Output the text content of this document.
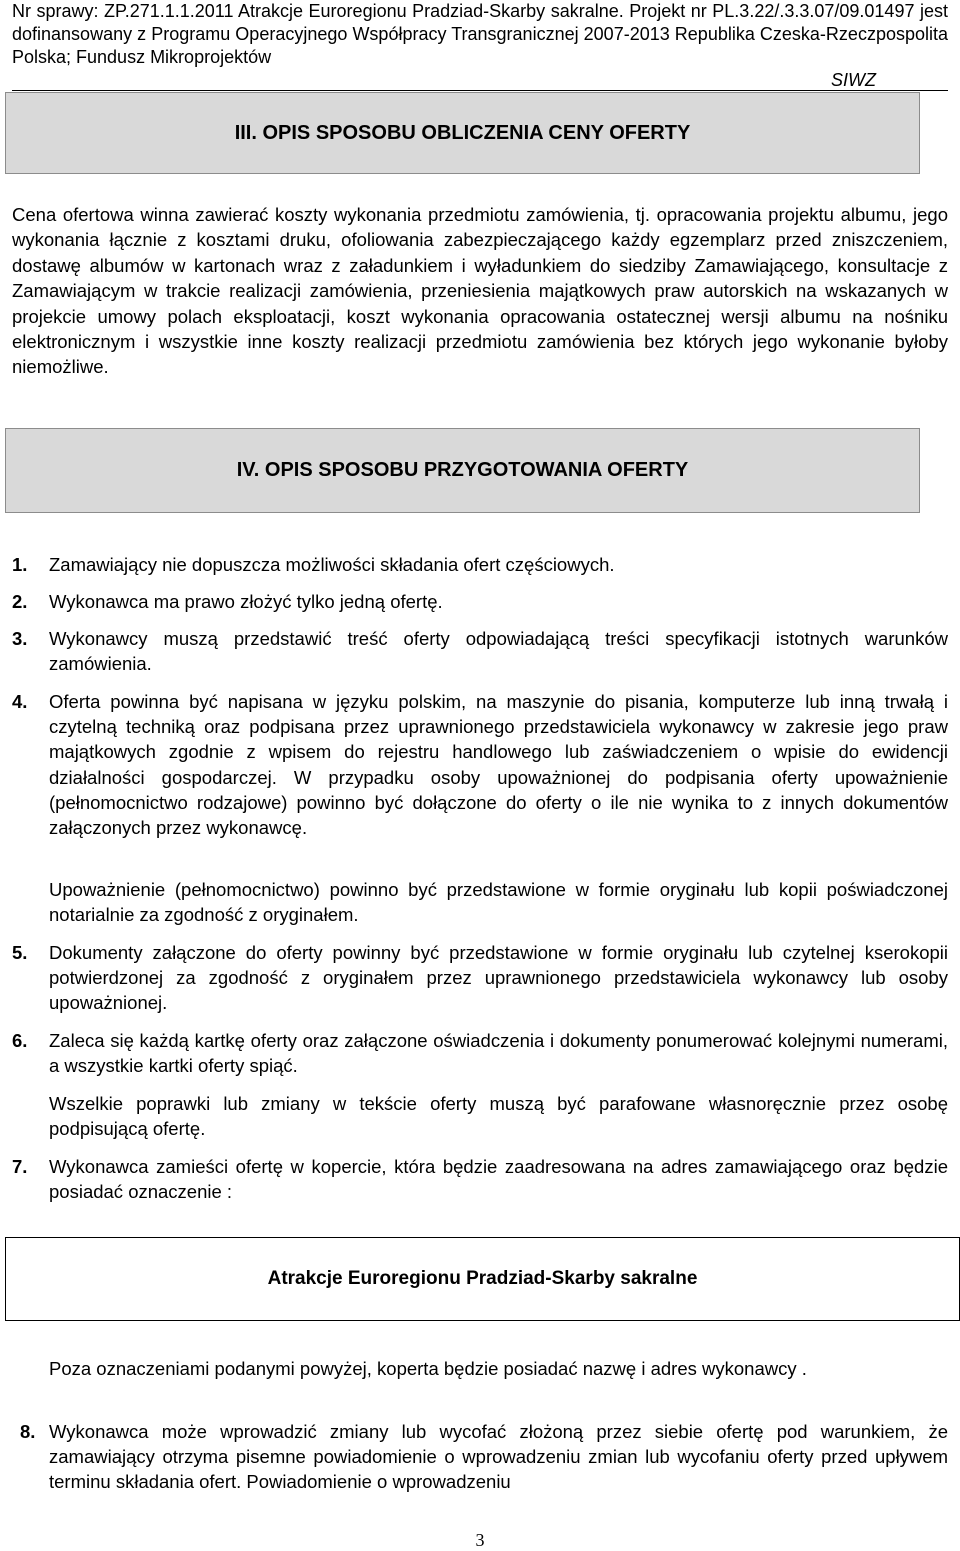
Nr sprawy: ZP.271.1.1.2011 Atrakcje Euroregionu Pradziad-Skarby sakralne. Projekt nr PL.3.22/.3.3.07/09.01497 jest dofinansowany z Programu Operacyjnego Współpracy Transgranicznej 2007-2013 Republika Czeska-Rzeczpospolita Polska; Fundusz Mikroprojektów
SIWZ
III. OPIS SPOSOBU OBLICZENIA CENY OFERTY

Cena ofertowa winna zawierać koszty wykonania przedmiotu zamówienia, tj. opracowania projektu albumu, jego wykonania łącznie z kosztami druku, ofoliowania zabezpieczającego każdy egzemplarz przed zniszczeniem, dostawę albumów w kartonach wraz z załadunkiem i wyładunkiem do siedziby Zamawiającego, konsultacje z Zamawiającym w trakcie realizacji zamówienia, przeniesienia majątkowych praw autorskich na wskazanych w projekcie umowy polach eksploatacji, koszt wykonania opracowania ostatecznej wersji albumu na nośniku elektronicznym i wszystkie inne koszty realizacji przedmiotu zamówienia bez których jego wykonanie byłoby niemożliwe.

IV. OPIS SPOSOBU PRZYGOTOWANIA OFERTY
1.	Zamawiający nie dopuszcza możliwości składania ofert częściowych.
2.	Wykonawca ma prawo złożyć tylko jedną ofertę.
3.	Wykonawcy muszą przedstawić treść oferty odpowiadającą treści specyfikacji istotnych warunków zamówienia.
4.	Oferta powinna być napisana w języku polskim, na maszynie do pisania, komputerze lub inną trwałą i czytelną techniką oraz podpisana przez uprawnionego przedstawiciela wykonawcy w zakresie jego praw majątkowych zgodnie z wpisem do rejestru handlowego lub zaświadczeniem o wpisie do ewidencji działalności gospodarczej. W przypadku osoby upoważnionej do podpisania oferty upoważnienie (pełnomocnictwo rodzajowe) powinno być dołączone do oferty o ile nie wynika to z innych dokumentów załączonych przez wykonawcę.
Upoważnienie (pełnomocnictwo) powinno być przedstawione w formie oryginału lub kopii poświadczonej notarialnie za zgodność z oryginałem.
5.	Dokumenty załączone do oferty powinny być przedstawione w formie oryginału lub czytelnej kserokopii potwierdzonej za zgodność z oryginałem przez uprawnionego przedstawiciela wykonawcy lub osoby upoważnionej.
6.	Zaleca się każdą kartkę oferty oraz załączone oświadczenia i dokumenty ponumerować kolejnymi numerami, a wszystkie kartki oferty spiąć.
Wszelkie poprawki lub zmiany w tekście oferty muszą być parafowane własnoręcznie przez osobę podpisującą ofertę.
7.	Wykonawca zamieści ofertę w kopercie, która będzie zaadresowana na adres zamawiającego oraz będzie posiadać oznaczenie :
Atrakcje Euroregionu Pradziad-Skarby sakralne
Poza oznaczeniami podanymi powyżej, koperta będzie posiadać nazwę i adres wykonawcy .
8. Wykonawca może wprowadzić zmiany lub wycofać złożoną przez siebie ofertę pod warunkiem, że zamawiający otrzyma pisemne powiadomienie o wprowadzeniu zmian lub wycofaniu oferty przed upływem terminu składania ofert. Powiadomienie o wprowadzeniu
3
